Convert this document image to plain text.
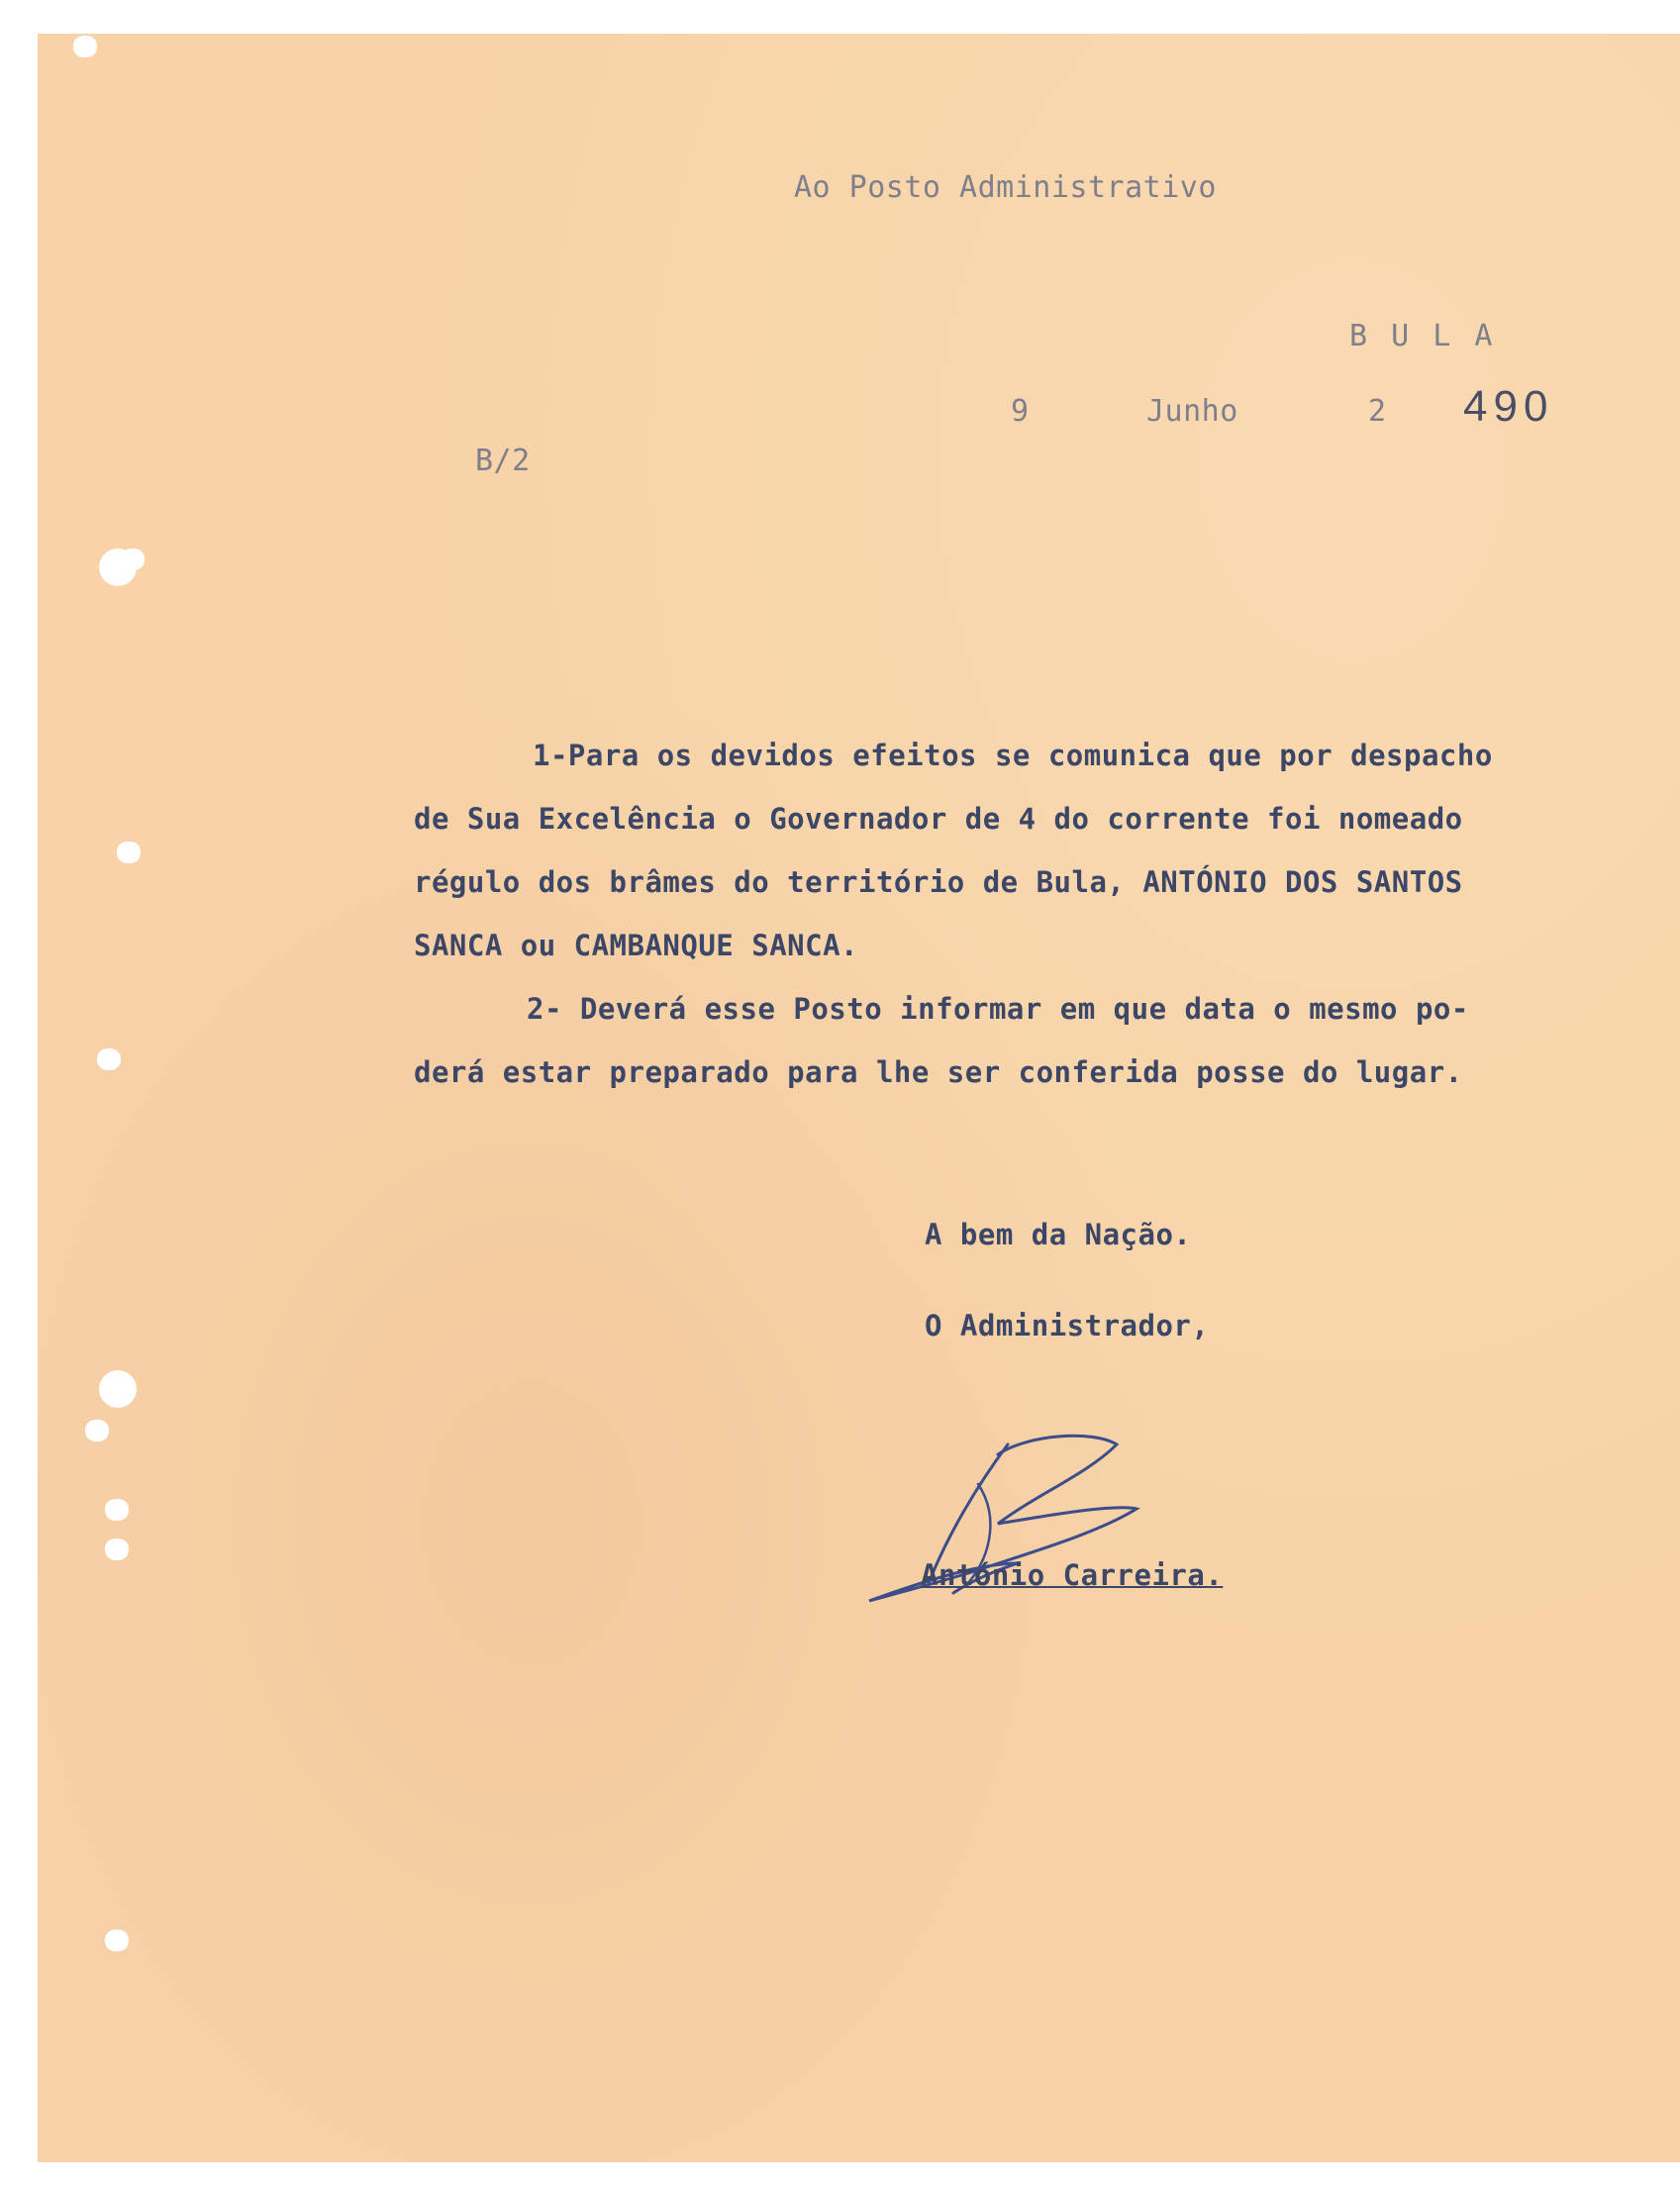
Ao Posto Administrativo
B U L A
9	Junho	2 490
B/2
1-Para os devidos efeitos se comunica que por despacho
de Sua Excelência o Governador de 4 do corrente foi nomeado
régulo dos brâmes do território de Bula, ANTÓNIO DOS SANTOS
SANCA ou CAMBANQUE SANCA.
2- Deverá esse Posto informar em que data o mesmo po-
derá estar preparado para lhe ser conferida posse do lugar.
A bem da Nação.
O Administrador,
António Carreira.
